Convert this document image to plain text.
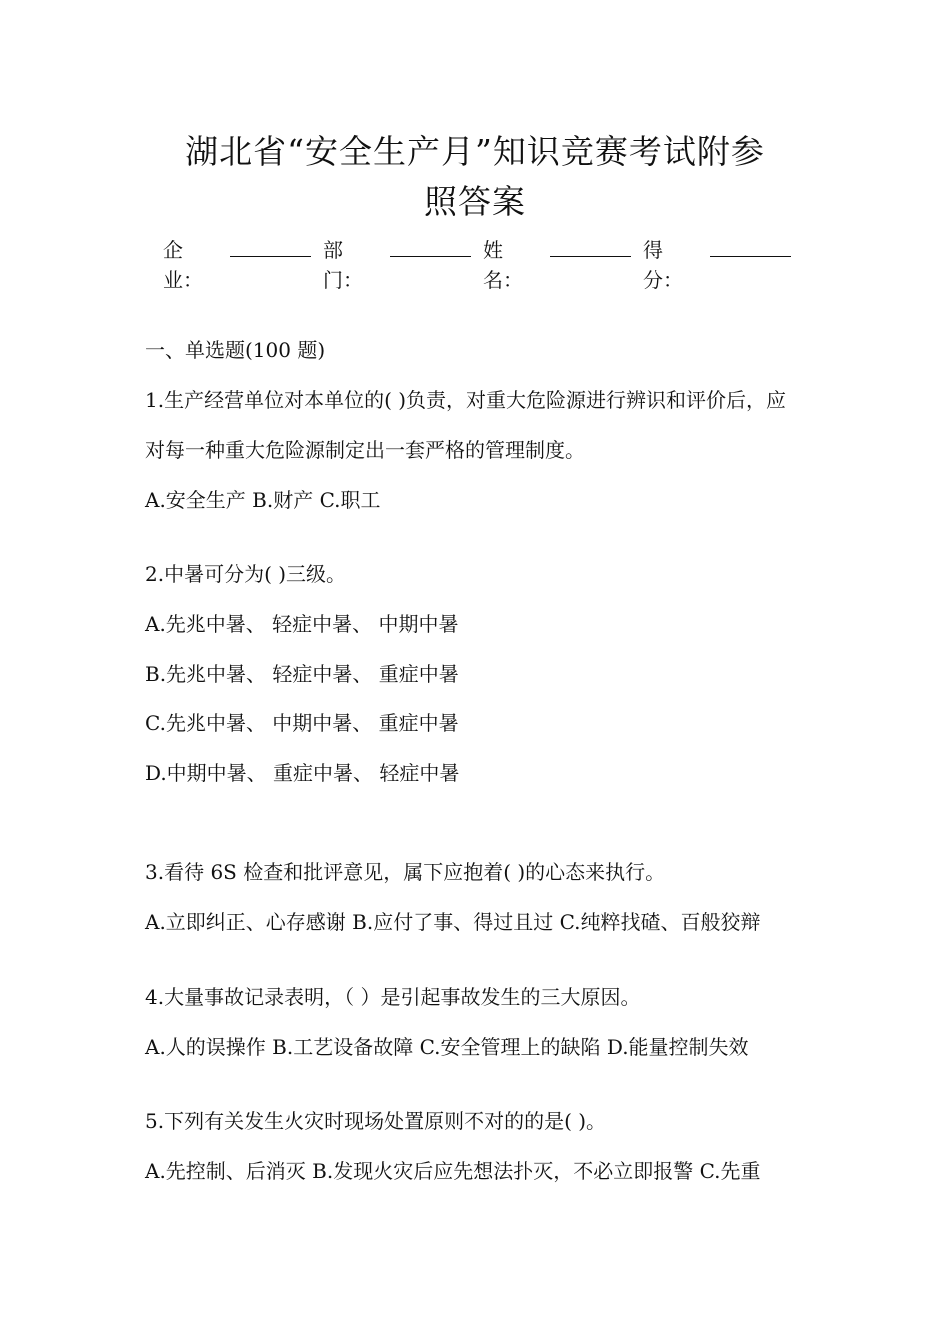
湖北省“安全生产月”知识竞赛考试附参
照答案
企业：
部门：
姓名：
得分：
一、单选题(100 题)
1.生产经营单位对本单位的( )负责，对重大危险源进行辨识和评价后，应
对每一种重大危险源制定出一套严格的管理制度。
A.安全生产 B.财产 C.职工
2.中暑可分为( )三级。
A.先兆中暑、 轻症中暑、 中期中暑
B.先兆中暑、 轻症中暑、 重症中暑
C.先兆中暑、 中期中暑、 重症中暑
D.中期中暑、 重症中暑、 轻症中暑
3.看待 6S 检查和批评意见，属下应抱着( )的心态来执行。
A.立即纠正、心存感谢 B.应付了事、得过且过 C.纯粹找碴、百般狡辩
4.大量事故记录表明，（ ）是引起事故发生的三大原因。
A.人的误操作 B.工艺设备故障 C.安全管理上的缺陷 D.能量控制失效
5.下列有关发生火灾时现场处置原则不对的的是( )。
A.先控制、后消灭 B.发现火灾后应先想法扑灭，不必立即报警 C.先重
